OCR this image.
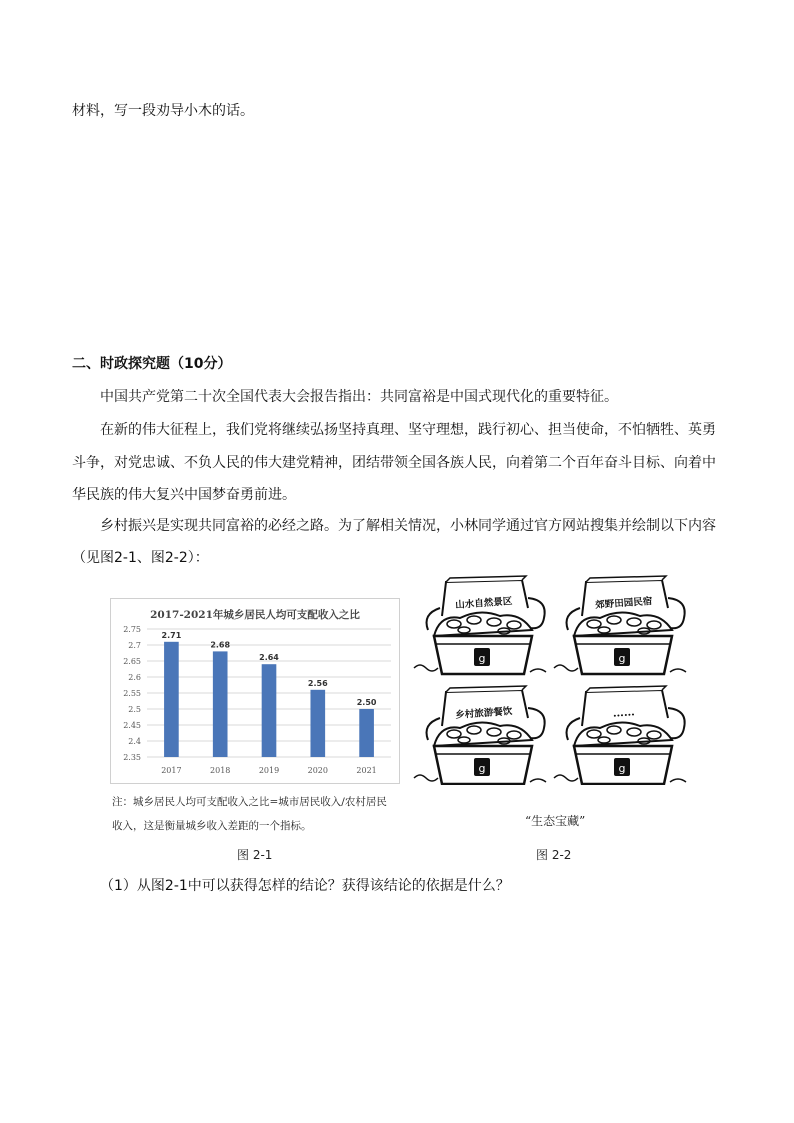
材料，写一段劝导小木的话。
二、时政探究题（10分）
中国共产党第二十次全国代表大会报告指出：共同富裕是中国式现代化的重要特征。
在新的伟大征程上，我们党将继续弘扬坚持真理、坚守理想，践行初心、担当使命，不怕牺牲、英勇
斗争，对党忠诚、不负人民的伟大建党精神，团结带领全国各族人民，向着第二个百年奋斗目标、向着中
华民族的伟大复兴中国梦奋勇前进。
乡村振兴是实现共同富裕的必经之路。为了解相关情况，小林同学通过官方网站搜集并绘制以下内容
（见图2-1、图2-2）：
2017-2021年城乡居民人均可支配收入之比
2.75
2.7
2.65
2.6
2.55
2.5
2.45
2.4
2.35
2.71
2017
2.68
2018
2.64
2019
2.56
2020
2.50
2021
注：城乡居民人均可支配收入之比=城市居民收入/农村居民
收入，这是衡量城乡收入差距的一个指标。
山水自然景区	郊野田园民宿
乡村旅游餐饮	……
“生态宝藏”
图 2-1	图 2-2
（1）从图2-1中可以获得怎样的结论？获得该结论的依据是什么？
